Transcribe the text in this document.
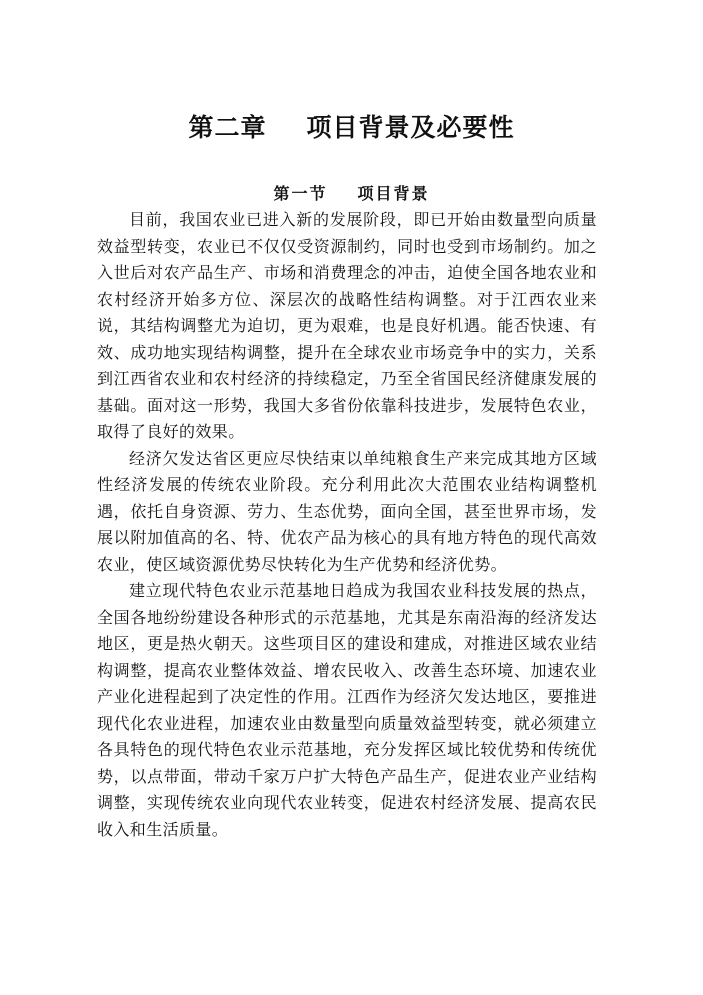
第二章 项目背景及必要性
第一节 项目背景

目前，我国农业已进入新的发展阶段，即已开始由数量型向质量效益型转变，农业已不仅仅受资源制约，同时也受到市场制约。加之入世后对农产品生产、市场和消费理念的冲击，迫使全国各地农业和农村经济开始多方位、深层次的战略性结构调整。对于江西农业来说，其结构调整尤为迫切，更为艰难，也是良好机遇。能否快速、有效、成功地实现结构调整，提升在全球农业市场竞争中的实力，关系到江西省农业和农村经济的持续稳定，乃至全省国民经济健康发展的基础。面对这一形势，我国大多省份依靠科技进步，发展特色农业，取得了良好的效果。

经济欠发达省区更应尽快结束以单纯粮食生产来完成其地方区域性经济发展的传统农业阶段。充分利用此次大范围农业结构调整机遇，依托自身资源、劳力、生态优势，面向全国，甚至世界市场，发展以附加值高的名、特、优农产品为核心的具有地方特色的现代高效农业，使区域资源优势尽快转化为生产优势和经济优势。

建立现代特色农业示范基地日趋成为我国农业科技发展的热点，全国各地纷纷建设各种形式的示范基地，尤其是东南沿海的经济发达地区，更是热火朝天。这些项目区的建设和建成，对推进区域农业结构调整，提高农业整体效益、增农民收入、改善生态环境、加速农业产业化进程起到了决定性的作用。江西作为经济欠发达地区，要推进现代化农业进程，加速农业由数量型向质量效益型转变，就必须建立各具特色的现代特色农业示范基地，充分发挥区域比较优势和传统优势，以点带面，带动千家万户扩大特色产品生产，促进农业产业结构调整，实现传统农业向现代农业转变，促进农村经济发展、提高农民收入和生活质量。
